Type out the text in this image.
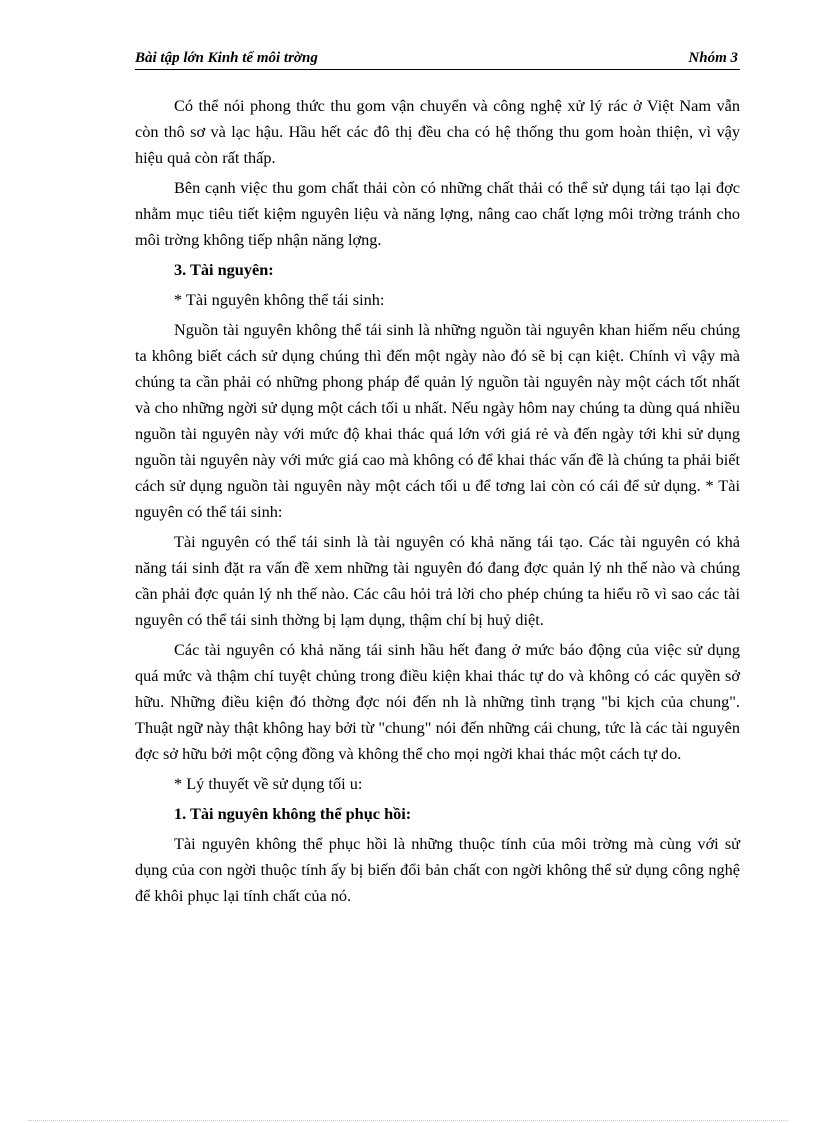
Bài tập lớn Kinh tế môi trờng	Nhóm 3

Có thể nói phong thức thu gom vận chuyển và công nghệ xử lý rác ở Việt Nam vẫn còn thô sơ và lạc hậu. Hầu hết các đô thị đều cha có hệ thống thu gom hoàn thiện, vì vậy hiệu quả còn rất thấp.

Bên cạnh việc thu gom chất thải còn có những chất thải có thể sử dụng tái tạo lại đợc nhằm mục tiêu tiết kiệm nguyên liệu và năng lợng, nâng cao chất lợng môi trờng tránh cho môi trờng không tiếp nhận năng lợng.

3. Tài nguyên:

* Tài nguyên không thể tái sinh:

Nguồn tài nguyên không thể tái sinh là những nguồn tài nguyên khan hiếm nếu chúng ta không biết cách sử dụng chúng thì đến một ngày nào đó sẽ bị cạn kiệt. Chính vì vậy mà chúng ta cần phải có những phong pháp để quản lý nguồn tài nguyên này một cách tốt nhất và cho những ngời sử dụng một cách tối u nhất. Nếu ngày hôm nay chúng ta dùng quá nhiều nguồn tài nguyên này với mức độ khai thác quá lớn với giá rẻ và đến ngày tới khi sử dụng nguồn tài nguyên này với mức giá cao mà không có để khai thác vấn đề là chúng ta phải biết cách sử dụng nguồn tài nguyên này một cách tối u để tơng lai còn có cái để sử dụng. * Tài nguyên có thể tái sinh:

Tài nguyên có thể tái sinh là tài nguyên có khả năng tái tạo. Các tài nguyên có khả năng tái sinh đặt ra vấn đề xem những tài nguyên đó đang đợc quản lý nh thế nào và chúng cần phải đợc quản lý nh thế nào. Các câu hỏi trả lời cho phép chúng ta hiểu rõ vì sao các tài nguyên có thể tái sinh thờng bị lạm dụng, thậm chí bị huỷ diệt.

Các tài nguyên có khả năng tái sinh hầu hết đang ở mức báo động của việc sử dụng quá mức và thậm chí tuyệt chủng trong điều kiện khai thác tự do và không có các quyền sở hữu. Những điều kiện đó thờng đợc nói đến nh là những tình trạng "bi kịch của chung". Thuật ngữ này thật không hay bởi từ "chung" nói đến những cái chung, tức là các tài nguyên đợc sở hữu bởi một cộng đồng và không thể cho mọi ngời khai thác một cách tự do.

* Lý thuyết về sử dụng tối u:

1. Tài nguyên không thể phục hồi:

Tài nguyên không thể phục hồi là những thuộc tính của môi trờng mà cùng với sử dụng của con ngời thuộc tính ấy bị biến đổi bản chất con ngời không thể sử dụng công nghệ để khôi phục lại tính chất của nó.
